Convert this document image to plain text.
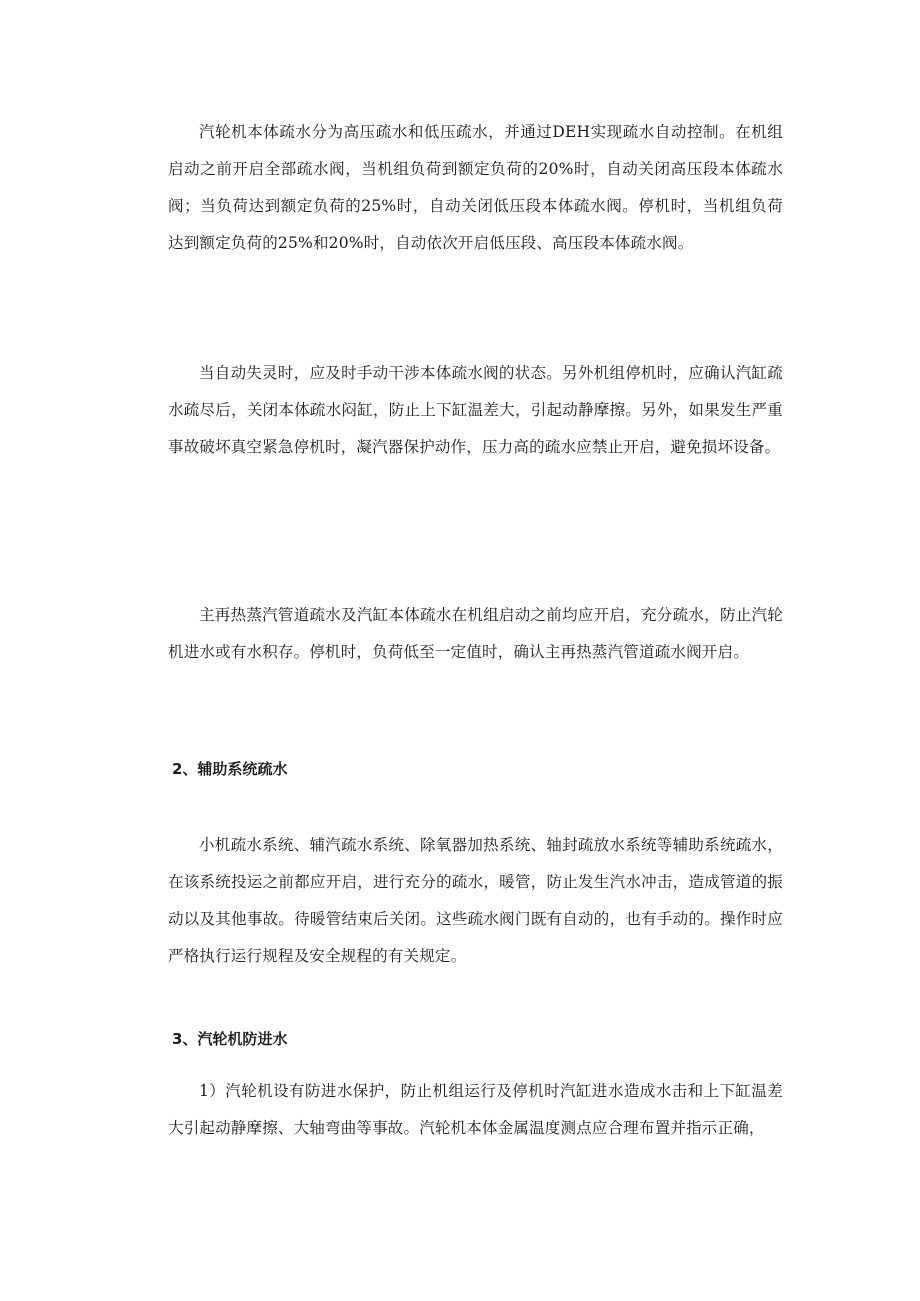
汽轮机本体疏水分为高压疏水和低压疏水，并通过DEH实现疏水自动控制。在机组启动之前开启全部疏水阀，当机组负荷到额定负荷的20%时，自动关闭高压段本体疏水阀；当负荷达到额定负荷的25%时，自动关闭低压段本体疏水阀。停机时，当机组负荷达到额定负荷的25%和20%时，自动依次开启低压段、高压段本体疏水阀。

当自动失灵时，应及时手动干涉本体疏水阀的状态。另外机组停机时，应确认汽缸疏水疏尽后，关闭本体疏水闷缸，防止上下缸温差大，引起动静摩擦。另外，如果发生严重事故破坏真空紧急停机时，凝汽器保护动作，压力高的疏水应禁止开启，避免损坏设备。

主再热蒸汽管道疏水及汽缸本体疏水在机组启动之前均应开启，充分疏水，防止汽轮机进水或有水积存。停机时，负荷低至一定值时，确认主再热蒸汽管道疏水阀开启。

2、辅助系统疏水

小机疏水系统、辅汽疏水系统、除氧器加热系统、轴封疏放水系统等辅助系统疏水，在该系统投运之前都应开启，进行充分的疏水，暖管，防止发生汽水冲击，造成管道的振动以及其他事故。待暖管结束后关闭。这些疏水阀门既有自动的，也有手动的。操作时应严格执行运行规程及安全规程的有关规定。

3、汽轮机防进水

1）汽轮机设有防进水保护，防止机组运行及停机时汽缸进水造成水击和上下缸温差大引起动静摩擦、大轴弯曲等事故。汽轮机本体金属温度测点应合理布置并指示正确，
